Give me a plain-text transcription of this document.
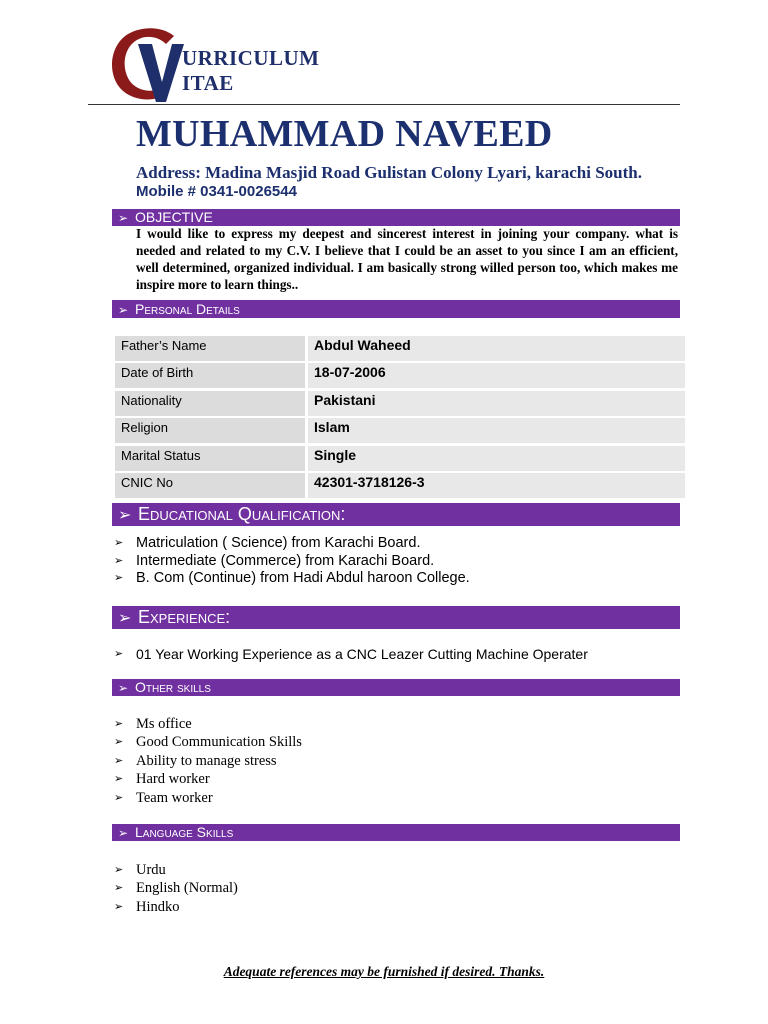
URRICULUM
ITAE
MUHAMMAD NAVEED
Address: Madina Masjid Road Gulistan Colony Lyari, karachi South.
Mobile # 0341-0026544
➢ OBJECTIVE
I would like to express my deepest and sincerest interest in joining your company. what is needed and related to my C.V. I believe that I could be an asset to you since I am an efficient, well determined, organized individual. I am basically strong willed person too, which makes me inspire more to learn things..
➢ Personal Details
Father’s Name	Abdul Waheed
Date of Birth	18-07-2006
Nationality	Pakistani
Religion	Islam
Marital Status	Single
CNIC No	42301-3718126-3
➢ Educational Qualification:
➢ Matriculation ( Science) from Karachi Board.
➢ Intermediate (Commerce) from Karachi Board.
➢ B. Com (Continue) from Hadi Abdul haroon College.
➢ Experience:
➢ 01 Year Working Experience as a CNC Leazer Cutting Machine Operater
➢ Other skills
➢ Ms office
➢ Good Communication Skills
➢ Ability to manage stress
➢ Hard worker
➢ Team worker
➢ Language Skills
➢ Urdu
➢ English (Normal)
➢ Hindko
Adequate references may be furnished if desired. Thanks.
